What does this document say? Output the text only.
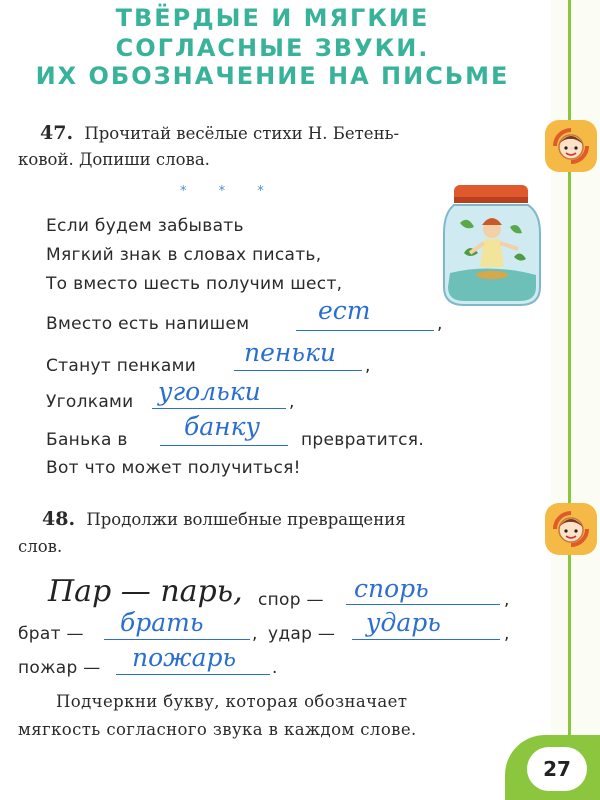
ТВЁРДЫЕ И МЯГКИЕ
СОГЛАСНЫЕ ЗВУКИ.
ИХ ОБОЗНАЧЕНИЕ НА ПИСЬМЕ
47. Прочитай весёлые стихи Н. Бетень-
ковой. Допиши слова.
* * *
Если будем забывать
Мягкий знак в словах писать,
То вместо шесть получим шест,
Вместо есть напишем	ест	,
Станут пенками пеньки ,
Уголками угольки ,
Банька в банку превратится.
Вот что может получиться!
48. Продолжи волшебные превращения
слов.
Пар — парь, спор — спорь	,
брат — брать	, удар — ударь	,
пожар — пожарь .
Подчеркни букву, которая обозначает
мягкость согласного звука в каждом слове.
27
